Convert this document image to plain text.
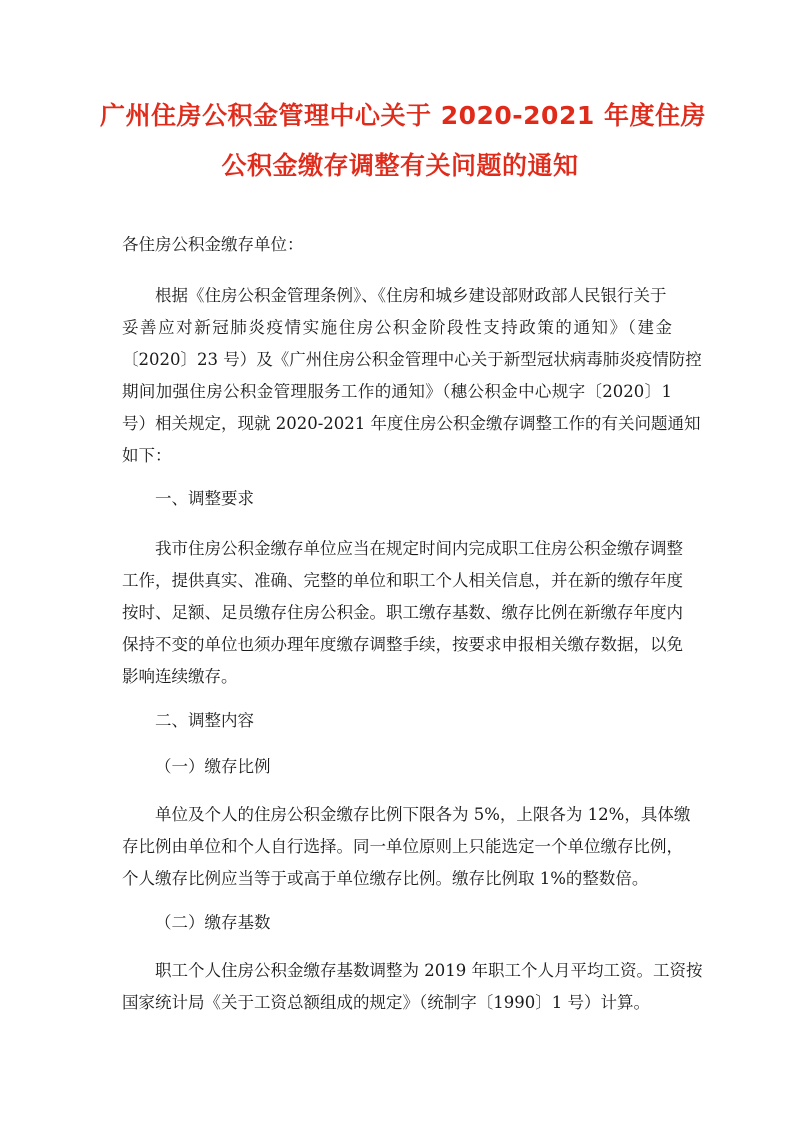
广州住房公积金管理中心关于 2020-2021 年度住房
公积金缴存调整有关问题的通知
各住房公积金缴存单位：
根据《住房公积金管理条例》、《住房和城乡建设部财政部人民银行关于
妥善应对新冠肺炎疫情实施住房公积金阶段性支持政策的通知》（建金
〔2020〕23 号）及《广州住房公积金管理中心关于新型冠状病毒肺炎疫情防控
期间加强住房公积金管理服务工作的通知》（穗公积金中心规字〔2020〕1
号）相关规定，现就 2020-2021 年度住房公积金缴存调整工作的有关问题通知
如下：
一、调整要求
我市住房公积金缴存单位应当在规定时间内完成职工住房公积金缴存调整
工作，提供真实、准确、完整的单位和职工个人相关信息，并在新的缴存年度
按时、足额、足员缴存住房公积金。职工缴存基数、缴存比例在新缴存年度内
保持不变的单位也须办理年度缴存调整手续，按要求申报相关缴存数据，以免
影响连续缴存。
二、调整内容
（一）缴存比例
单位及个人的住房公积金缴存比例下限各为 5%，上限各为 12%，具体缴
存比例由单位和个人自行选择。同一单位原则上只能选定一个单位缴存比例，
个人缴存比例应当等于或高于单位缴存比例。缴存比例取 1%的整数倍。
（二）缴存基数
职工个人住房公积金缴存基数调整为 2019 年职工个人月平均工资。工资按
国家统计局《关于工资总额组成的规定》（统制字〔1990〕1 号）计算。
